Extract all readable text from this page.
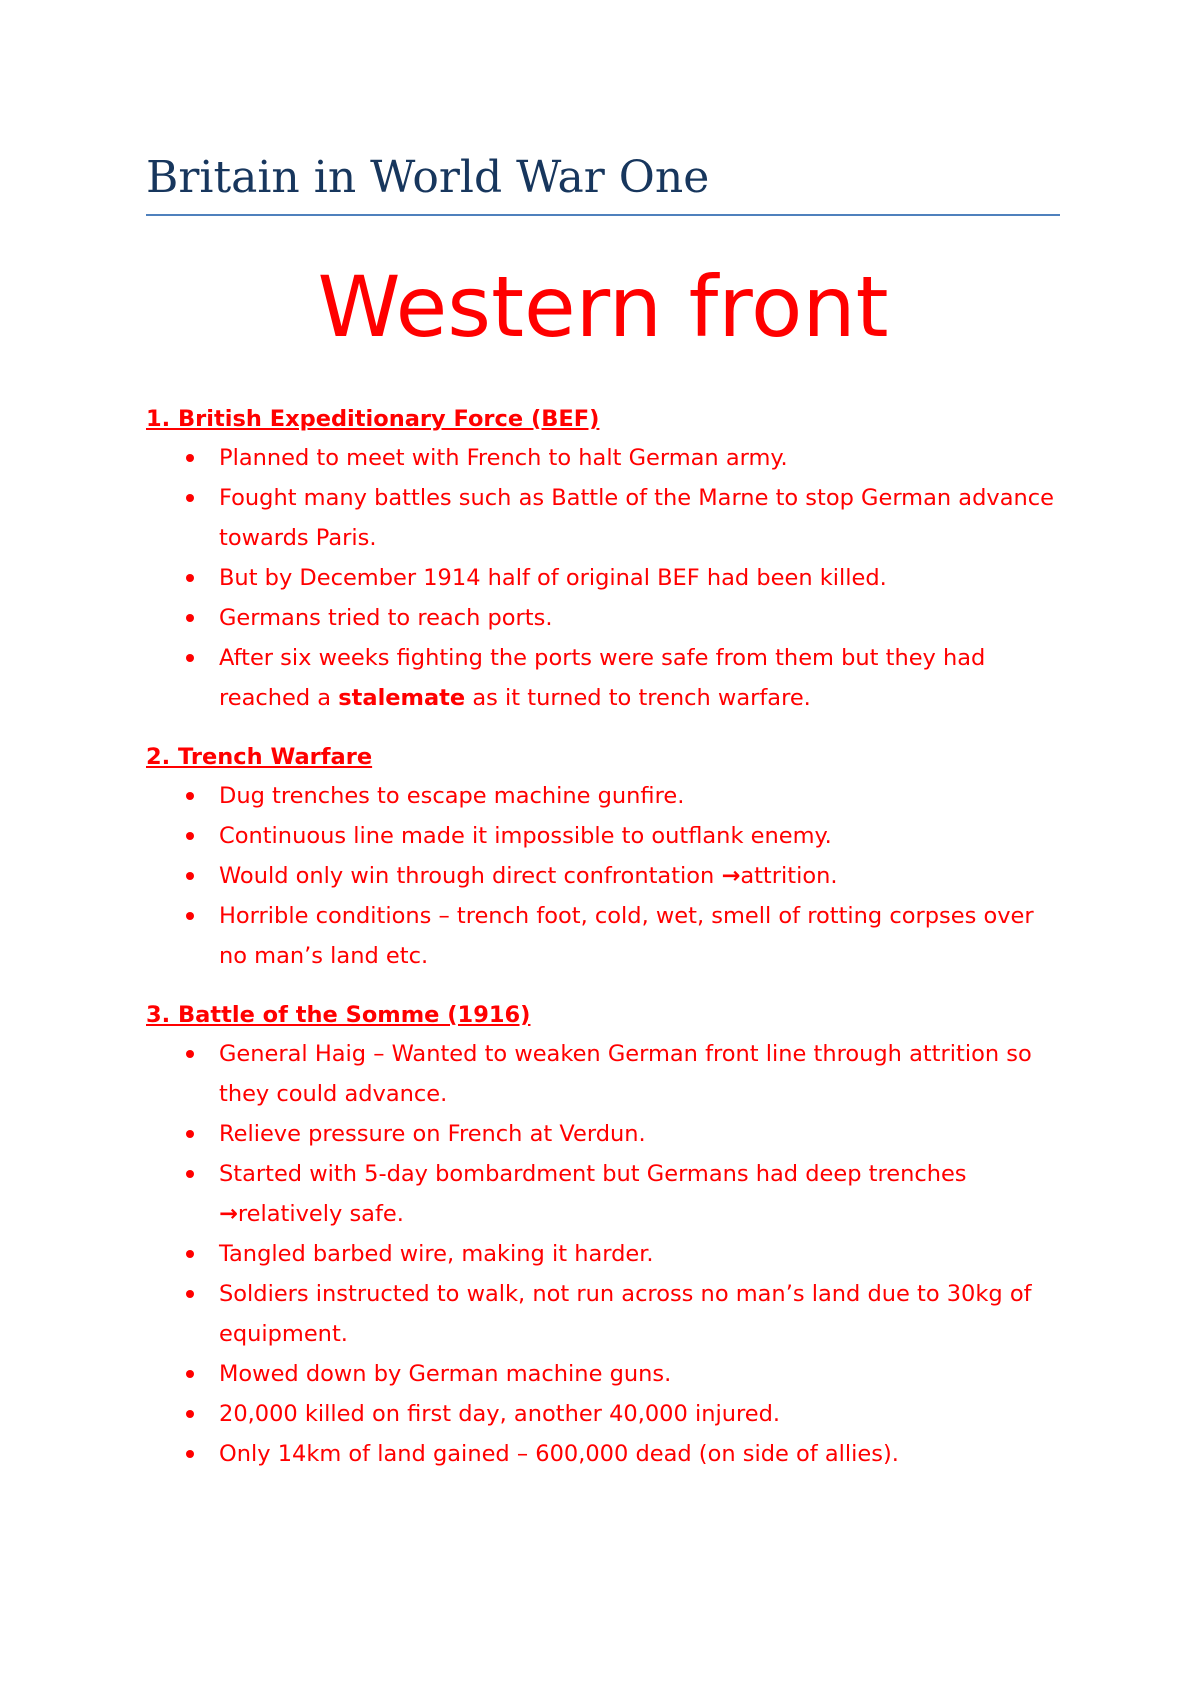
Britain in World War One
Western front
1. British Expeditionary Force (BEF)
Planned to meet with French to halt German army.
Fought many battles such as Battle of the Marne to stop German advance towards Paris.
But by December 1914 half of original BEF had been killed.
Germans tried to reach ports.
After six weeks fighting the ports were safe from them but they had reached a stalemate as it turned to trench warfare.
2. Trench Warfare
Dug trenches to escape machine gunfire.
Continuous line made it impossible to outflank enemy.
Would only win through direct confrontation →attrition.
Horrible conditions – trench foot, cold, wet, smell of rotting corpses over no man’s land etc.
3. Battle of the Somme (1916)
General Haig – Wanted to weaken German front line through attrition so they could advance.
Relieve pressure on French at Verdun.
Started with 5-day bombardment but Germans had deep trenches →relatively safe.
Tangled barbed wire, making it harder.
Soldiers instructed to walk, not run across no man’s land due to 30kg of equipment.
Mowed down by German machine guns.
20,000 killed on first day, another 40,000 injured.
Only 14km of land gained – 600,000 dead (on side of allies).
